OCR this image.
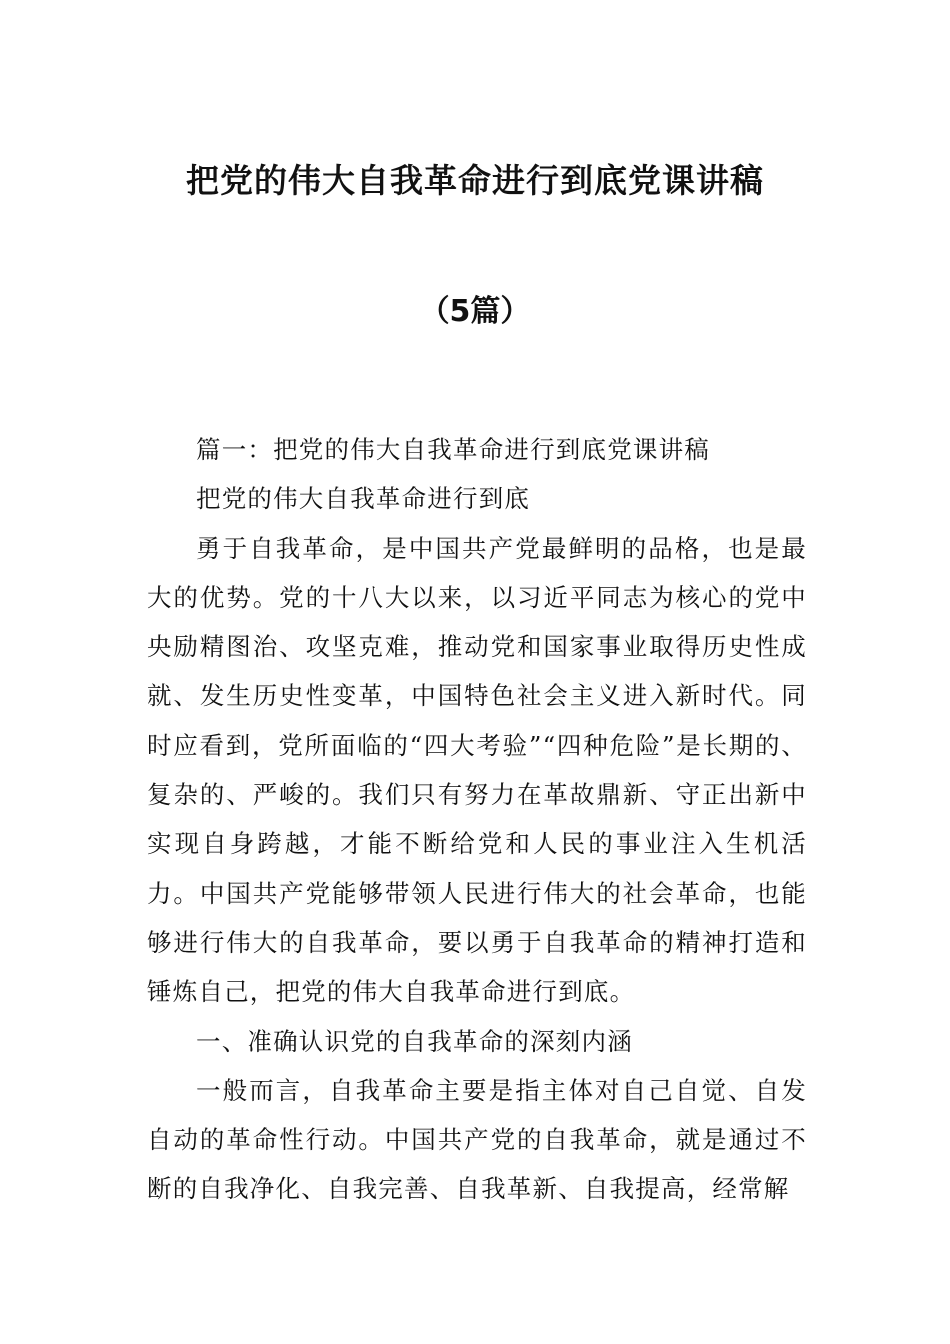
把党的伟大自我革命进行到底党课讲稿
（5篇）

篇一：把党的伟大自我革命进行到底党课讲稿

把党的伟大自我革命进行到底

勇于自我革命，是中国共产党最鲜明的品格，也是最大的优势。党的十八大以来，以习近平同志为核心的党中央励精图治、攻坚克难，推动党和国家事业取得历史性成就、发生历史性变革，中国特色社会主义进入新时代。同时应看到，党所面临的“四大考验”“四种危险”是长期的、复杂的、严峻的。我们只有努力在革故鼎新、守正出新中实现自身跨越，才能不断给党和人民的事业注入生机活力。中国共产党能够带领人民进行伟大的社会革命，也能够进行伟大的自我革命，要以勇于自我革命的精神打造和锤炼自己，把党的伟大自我革命进行到底。

一、准确认识党的自我革命的深刻内涵

一般而言，自我革命主要是指主体对自己自觉、自发自动的革命性行动。中国共产党的自我革命，就是通过不断的自我净化、自我完善、自我革新、自我提高，经常解
